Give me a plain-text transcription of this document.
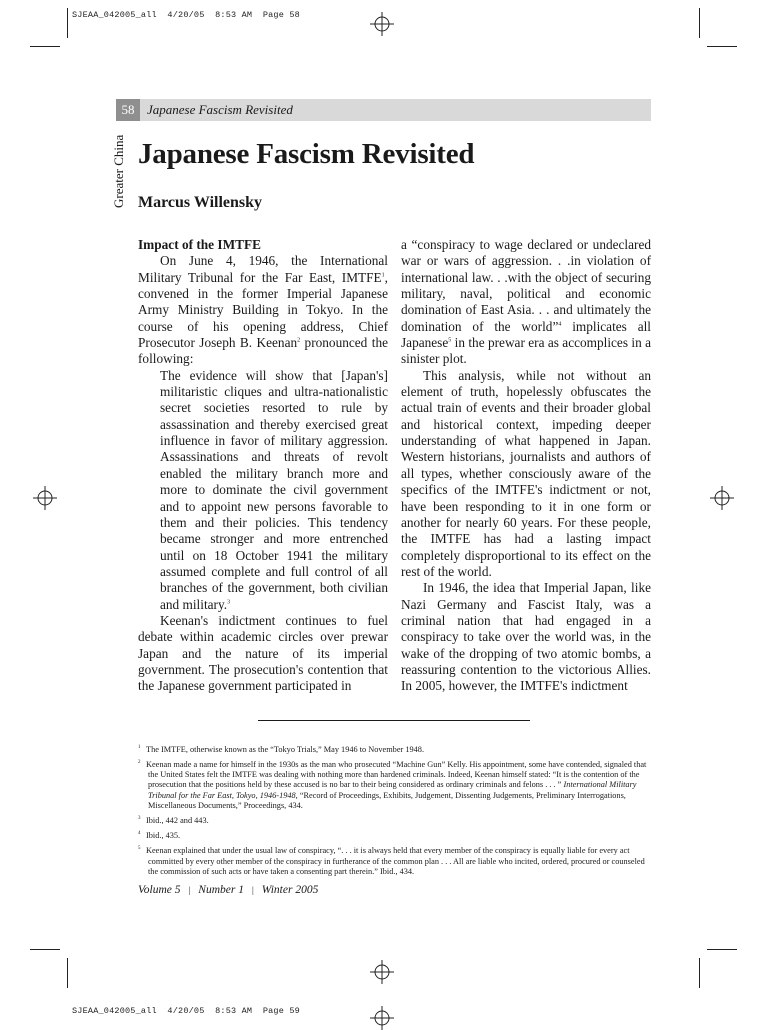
SJEAA_042005_all  4/20/05  8:53 AM  Page 58
SJEAA_042005_all  4/20/05  8:53 AM  Page 59
58 Japanese Fascism Revisited
Greater China Japanese Fascism Revisited
Marcus Willensky

Impact of the IMTFE

On June 4, 1946, the International Military Tribunal for the Far East, IMTFE$^1$, convened in the former Imperial Japanese Army Ministry Building in Tokyo. In the course of his opening address, Chief Prosecutor Joseph B. Keenan$^2$ pronounced the following:

The evidence will show that [Japan's] militaristic cliques and ultra-nationalistic secret societies resorted to rule by assassination and thereby exercised great influence in favor of military aggression. Assassinations and threats of revolt enabled the military branch more and more to dominate the civil government and to appoint new persons favorable to them and their policies. This tendency became stronger and more entrenched until on 18 October 1941 the military assumed complete and full control of all branches of the government, both civilian and military.$^3$

Keenan's indictment continues to fuel debate within academic circles over prewar Japan and the nature of its imperial government. The prosecution's contention that the Japanese government participated in

a “conspiracy to wage declared or undeclared war or wars of aggression. . .in violation of international law. . .with the object of securing military, naval, political and economic domination of East Asia. . . and ultimately the domination of the world”$^4$ implicates all Japanese$^5$ in the prewar era as accomplices in a sinister plot.

This analysis, while not without an element of truth, hopelessly obfuscates the actual train of events and their broader global and historical context, impeding deeper understanding of what happened in Japan. Western historians, journalists and authors of all types, whether consciously aware of the specifics of the IMTFE's indictment or not, have been responding to it in one form or another for nearly 60 years. For these people, the IMTFE has had a lasting impact completely disproportional to its effect on the rest of the world.

In 1946, the idea that Imperial Japan, like Nazi Germany and Fascist Italy, was a criminal nation that had engaged in a conspiracy to take over the world was, in the wake of the dropping of two atomic bombs, a reassuring contention to the victorious Allies. In 2005, however, the IMTFE's indictment

1 The IMTFE, otherwise known as the “Tokyo Trials,” May 1946 to November 1948.

2 Keenan made a name for himself in the 1930s as the man who prosecuted “Machine Gun” Kelly. His appointment, some have contended, signaled that the United States felt the IMTFE was dealing with nothing more than hardened criminals. Indeed, Keenan himself stated: “It is the contention of the prosecution that the positions held by these accused is no bar to their being considered as ordinary criminals and felons . . . ” International Military Tribunal for the Far East, Tokyo, 1946-1948, “Record of Proceedings, Exhibits, Judgement, Dissenting Judgements, Preliminary Interrogations, Miscellaneous Documents,” Proceedings, 434.

3 Ibid., 442 and 443.

4 Ibid., 435.

5 Keenan explained that under the usual law of conspiracy, “. . . it is always held that every member of the conspiracy is equally liable for every act committed by every other member of the conspiracy in furtherance of the common plan . . . All are liable who incited, ordered, procured or counseled the commission of such acts or have taken a consenting part therein.” Ibid., 434.

Volume 5 | Number 1 | Winter 2005
